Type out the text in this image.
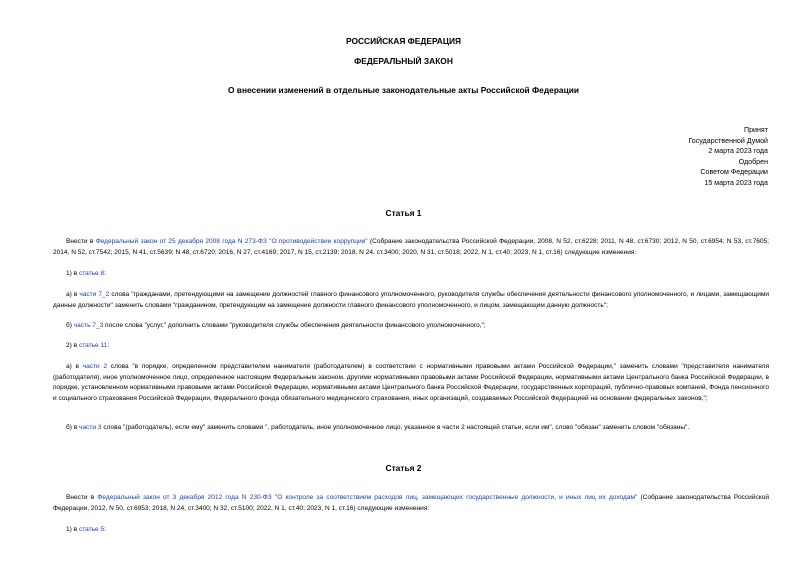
РОССИЙСКАЯ ФЕДЕРАЦИЯ
ФЕДЕРАЛЬНЫЙ ЗАКОН
О внесении изменений в отдельные законодательные акты Российской Федерации
Принят
Государственной Думой
2 марта 2023 года
Одобрен
Советом Федерации
15 марта 2023 года
Статья 1
Внести в Федеральный закон от 25 декабря 2008 года N 273-ФЗ "О противодействии коррупции" (Собрание законодательства Российской Федерации, 2008, N 52, ст.6228; 2011, N 48, ст.6730; 2012, N 50, ст.6954; N 53, ст.7605; 2014, N 52, ст.7542; 2015, N 41, ст.5639; N 48, ст.6720; 2016, N 27, ст.4169; 2017, N 15, ст.2139; 2018, N 24, ст.3400; 2020, N 31, ст.5018; 2022, N 1, ст.40; 2023, N 1, ст.16) следующие изменения:
1) в статье 8:
а) в части 7_2 слова "гражданами, претендующими на замещение должностей главного финансового уполномоченного, руководителя службы обеспечения деятельности финансового уполномоченного, и лицами, замещающими данные должности" заменить словами "гражданином, претендующим на замещение должности главного финансового уполномоченного, и лицом, замещающим данную должность";
б) часть 7_3 после слова "услуг," дополнить словами "руководителя службы обеспечения деятельности финансового уполномоченного,";
2) в статье 11:
а) в части 2 слова "в порядке, определенном представителем нанимателя (работодателем) в соответствии с нормативными правовыми актами Российской Федерации," заменить словами "представителя нанимателя (работодателя), иное уполномоченное лицо, определенное настоящим Федеральным законом, другими нормативными правовыми актами Российской Федерации, нормативными актами Центрального банка Российской Федерации, в порядке, установленном нормативными правовыми актами Российской Федерации, нормативными актами Центрального банка Российской Федерации, государственных корпораций, публично-правовых компаний, Фонда пенсионного и социального страхования Российской Федерации, Федерального фонда обязательного медицинского страхования, иных организаций, создаваемых Российской Федерацией на основании федеральных законов,";
б) в части 3 слова "(работодатель), если ему" заменить словами ", работодатель, иное уполномоченное лицо, указанное в части 2 настоящей статьи, если им", слово "обязан" заменить словом "обязаны".
Статья 2
Внести в Федеральный закон от 3 декабря 2012 года N 230-ФЗ "О контроле за соответствием расходов лиц, замещающих государственные должности, и иных лиц их доходам" (Собрание законодательства Российской Федерации, 2012, N 50, ст.6953; 2018, N 24, ст.3400; N 32, ст.5100; 2022, N 1, ст.40; 2023, N 1, ст.16) следующие изменения:
1) в статье 5:
